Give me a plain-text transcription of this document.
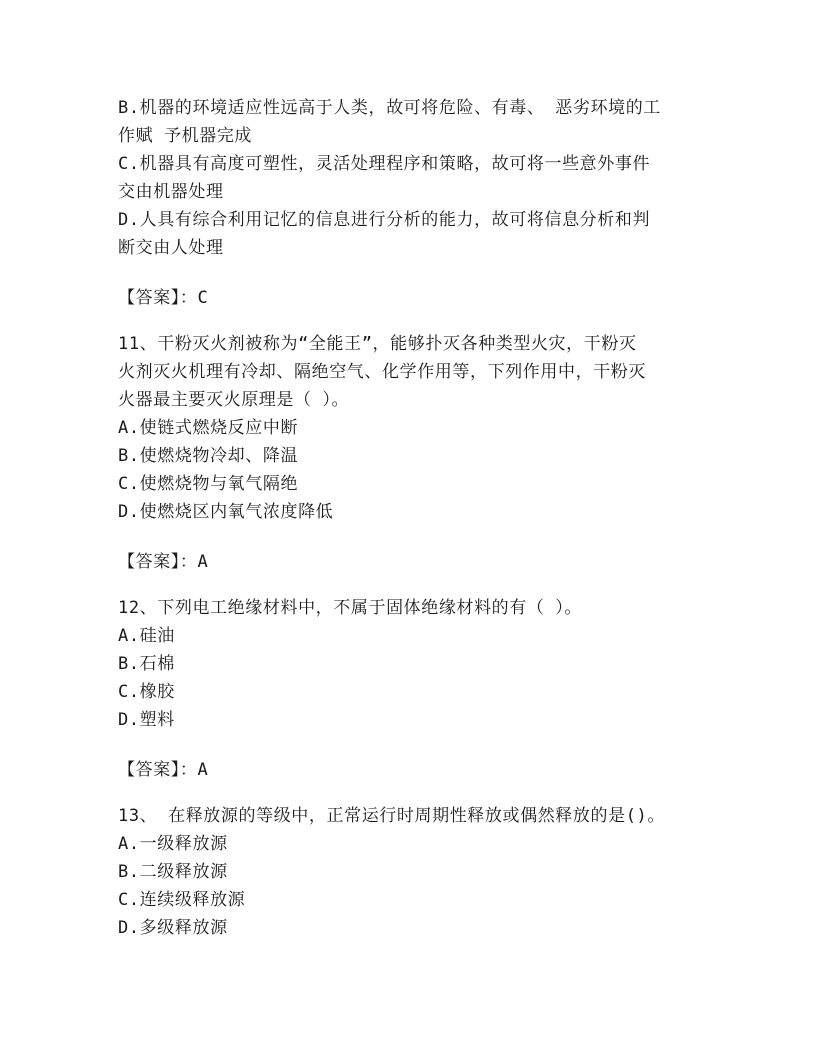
B.机器的环境适应性远高于人类，故可将危险、有毒、 恶劣环境的工
作赋 予机器完成
C.机器具有高度可塑性，灵活处理程序和策略，故可将一些意外事件
交由机器处理
D.人具有综合利用记忆的信息进行分析的能力，故可将信息分析和判
断交由人处理
【答案】：C
11、干粉灭火剂被称为“全能王”，能够扑灭各种类型火灾，干粉灭
火剂灭火机理有冷却、隔绝空气、化学作用等，下列作用中，干粉灭
火器最主要灭火原理是（ ）。
A.使链式燃烧反应中断
B.使燃烧物冷却、降温
C.使燃烧物与氧气隔绝
D.使燃烧区内氧气浓度降低
【答案】：A
12、下列电工绝缘材料中，不属于固体绝缘材料的有（ ）。
A.硅油
B.石棉
C.橡胶
D.塑料
【答案】：A
13、 在释放源的等级中，正常运行时周期性释放或偶然释放的是()。
A.一级释放源
B.二级释放源
C.连续级释放源
D.多级释放源
